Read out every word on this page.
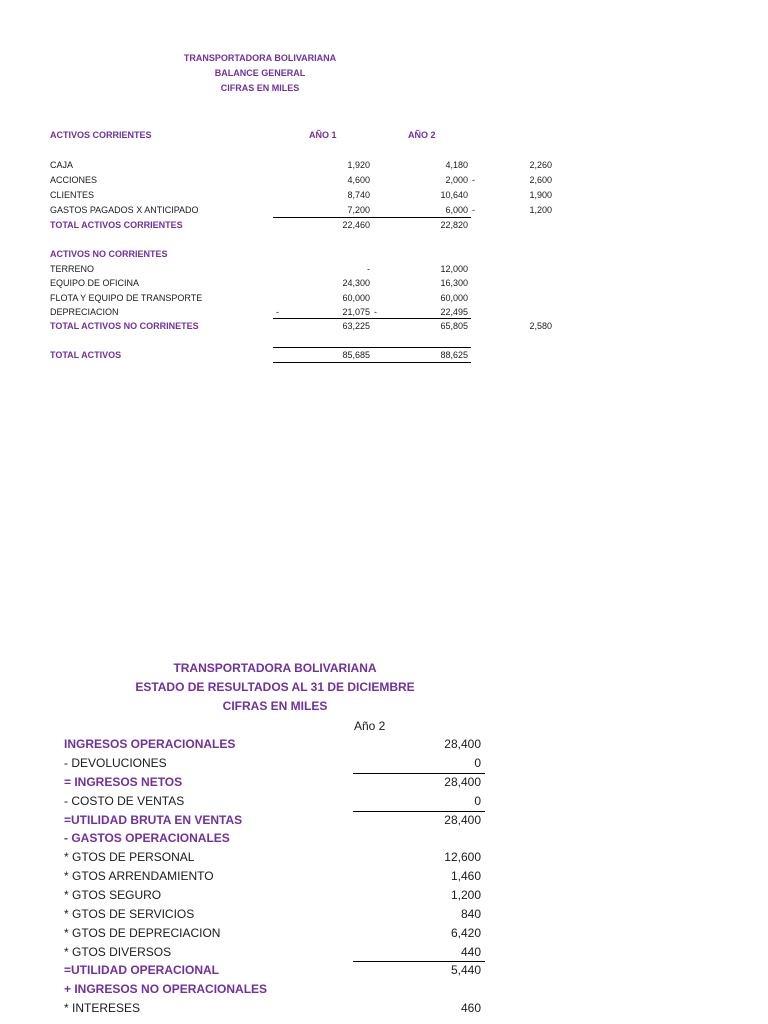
TRANSPORTADORA BOLIVARIANA
BALANCE GENERAL
CIFRAS EN MILES
ACTIVOS CORRIENTES	AÑO 1	AÑO 2
CAJA	1,920	4,180	2,260
ACCIONES	4,600	2,000 -	2,600
CLIENTES	8,740	10,640	1,900
GASTOS PAGADOS X ANTICIPADO	7,200	6,000 -	1,200
TOTAL ACTIVOS CORRIENTES	22,460	22,820
ACTIVOS NO CORRIENTES
TERRENO	-	12,000
EQUIPO DE OFICINA	24,300	16,300
FLOTA Y EQUIPO DE TRANSPORTE	60,000	60,000
DEPRECIACION	-	21,075 -	22,495
TOTAL ACTIVOS NO CORRINETES	63,225	65,805	2,580
TOTAL ACTIVOS	85,685	88,625
TRANSPORTADORA BOLIVARIANA
ESTADO DE RESULTADOS AL 31 DE DICIEMBRE
CIFRAS EN MILES
Año 2
INGRESOS OPERACIONALES	28,400
- DEVOLUCIONES	0
= INGRESOS NETOS	28,400
- COSTO DE VENTAS	0
=UTILIDAD BRUTA EN VENTAS	28,400
- GASTOS OPERACIONALES
* GTOS DE PERSONAL	12,600
* GTOS ARRENDAMIENTO	1,460
* GTOS SEGURO	1,200
* GTOS DE SERVICIOS	840
* GTOS DE DEPRECIACION	6,420
* GTOS DIVERSOS	440
=UTILIDAD OPERACIONAL	5,440
+ INGRESOS NO OPERACIONALES
* INTERESES	460
